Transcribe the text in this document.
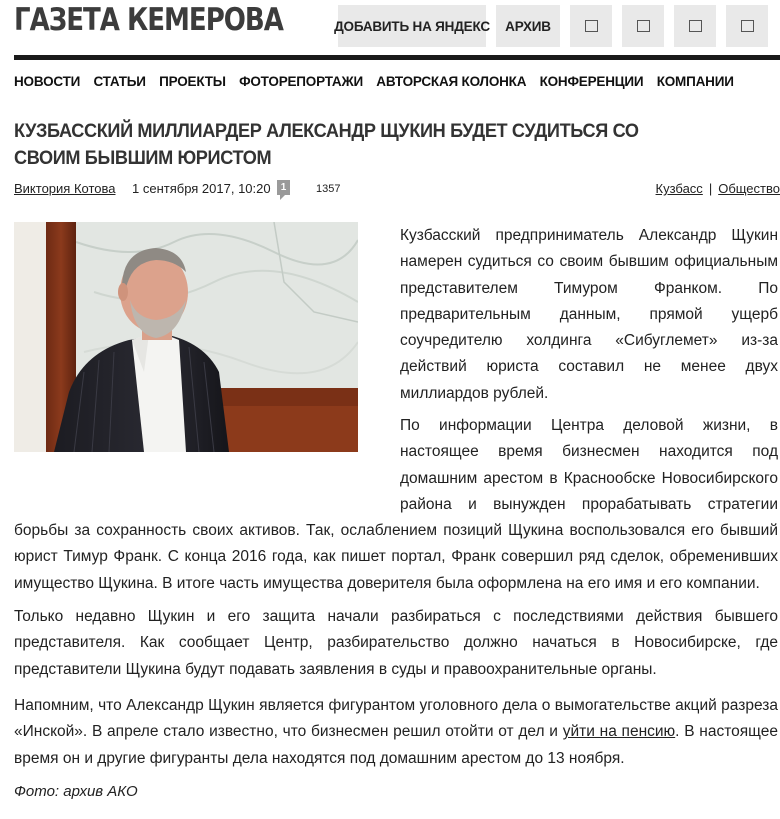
ГАЗЕТА КЕМЕРОВА	ДОБАВИТЬ НА ЯНДЕКС	АРХИВ
НОВОСТИ СТАТЬИ ПРОЕКТЫ ФОТОРЕПОРТАЖИ АВТОРСКАЯ КОЛОНКА КОНФЕРЕНЦИИ КОМПАНИИ
КУЗБАССКИЙ МИЛЛИАРДЕР АЛЕКСАНДР ЩУКИН БУДЕТ СУДИТЬСЯ СО СВОИМ БЫВШИМ ЮРИСТОМ
Виктория Котова 1 сентября 2017, 10:20 1	1357	Кузбасс | Общество

Кузбасский предприниматель Александр Щукин намерен судиться со своим бывшим официальным представителем Тимуром Франком. По предварительным данным, прямой ущерб соучредителю холдинга «Сибуглемет» из-за действий юриста составил не менее двух миллиардов рублей.

По информации Центра деловой жизни, в настоящее время бизнесмен находится под домашним арестом в Краснообске Новосибирского района и вынужден прорабатывать стратегии борьбы за сохранность своих активов. Так, ослаблением позиций Щукина воспользовался его бывший юрист Тимур Франк. С конца 2016 года, как пишет портал, Франк совершил ряд сделок, обременивших имущество Щукина. В итоге часть имущества доверителя была оформлена на его имя и его компании.

Только недавно Щукин и его защита начали разбираться с последствиями действия бывшего представителя. Как сообщает Центр, разбирательство должно начаться в Новосибирске, где представители Щукина будут подавать заявления в суды и правоохранительные органы.

Напомним, что Александр Щукин является фигурантом уголовного дела о вымогательстве акций разреза «Инской». В апреле стало известно, что бизнесмен решил отойти от дел и уйти на пенсию. В настоящее время он и другие фигуранты дела находятся под домашним арестом до 13 ноября.

Фото: архив АКО
